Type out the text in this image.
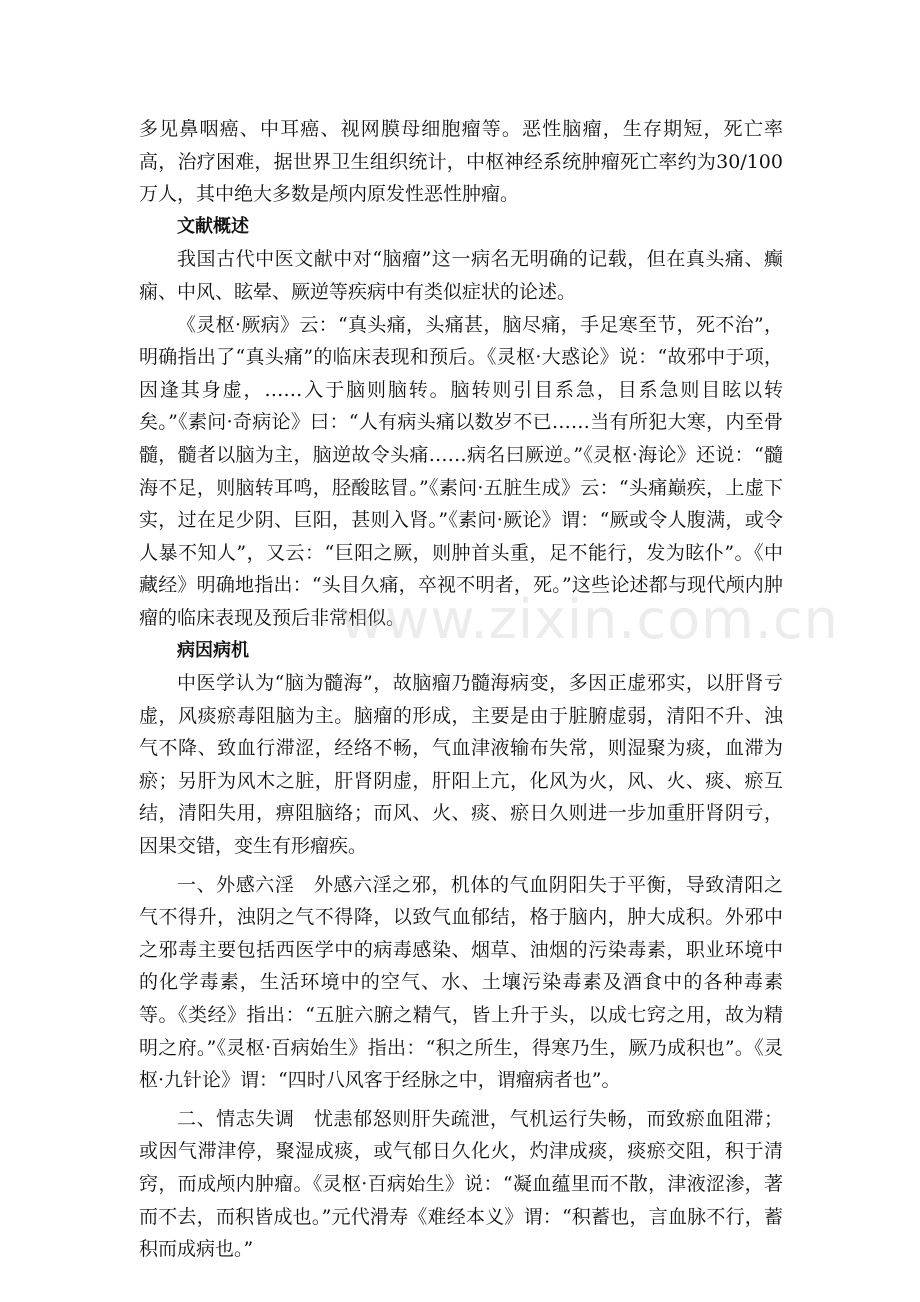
多见鼻咽癌、中耳癌、视网膜母细胞瘤等。恶性脑瘤，生存期短，死亡率高，治疗困难，据世界卫生组织统计，中枢神经系统肿瘤死亡率约为30/100万人，其中绝大多数是颅内原发性恶性肿瘤。

文献概述

我国古代中医文献中对“脑瘤”这一病名无明确的记载，但在真头痛、癫痫、中风、眩晕、厥逆等疾病中有类似症状的论述。

《灵枢·厥病》云：“真头痛，头痛甚，脑尽痛，手足寒至节，死不治”，明确指出了“真头痛”的临床表现和预后。《灵枢·大惑论》说：“故邪中于项，因逢其身虚，……入于脑则脑转。脑转则引目系急，目系急则目眩以转矣。”《素问·奇病论》曰：“人有病头痛以数岁不已……当有所犯大寒，内至骨髓，髓者以脑为主，脑逆故令头痛……病名曰厥逆。”《灵枢·海论》还说：“髓海不足，则脑转耳鸣，胫酸眩冒。”《素问·五脏生成》云：“头痛巅疾，上虚下实，过在足少阴、巨阳，甚则入肾。”《素问·厥论》谓：“厥或令人腹满，或令人暴不知人”，又云：“巨阳之厥，则肿首头重，足不能行，发为眩仆”。《中藏经》明确地指出：“头目久痛，卒视不明者，死。”这些论述都与现代颅内肿瘤的临床表现及预后非常相似。

病因病机

中医学认为“脑为髓海”，故脑瘤乃髓海病变，多因正虚邪实，以肝肾亏虚，风痰瘀毒阻脑为主。脑瘤的形成，主要是由于脏腑虚弱，清阳不升、浊气不降、致血行滞涩，经络不畅，气血津液输布失常，则湿聚为痰，血滞为瘀；另肝为风木之脏，肝肾阴虚，肝阳上亢，化风为火，风、火、痰、瘀互结，清阳失用，痹阻脑络；而风、火、痰、瘀日久则进一步加重肝肾阴亏，因果交错，变生有形瘤疾。

一、外感六淫　外感六淫之邪，机体的气血阴阳失于平衡，导致清阳之气不得升，浊阴之气不得降，以致气血郁结，格于脑内，肿大成积。外邪中之邪毒主要包括西医学中的病毒感染、烟草、油烟的污染毒素，职业环境中的化学毒素，生活环境中的空气、水、土壤污染毒素及酒食中的各种毒素等。《类经》指出：“五脏六腑之精气，皆上升于头，以成七窍之用，故为精明之府。”《灵枢·百病始生》指出：“积之所生，得寒乃生，厥乃成积也”。《灵枢·九针论》谓：“四时八风客于经脉之中，谓瘤病者也”。

二、情志失调　忧恚郁怒则肝失疏泄，气机运行失畅，而致瘀血阻滞；或因气滞津停，聚湿成痰，或气郁日久化火，灼津成痰，痰瘀交阻，积于清窍，而成颅内肿瘤。《灵枢·百病始生》说：“凝血蕴里而不散，津液涩渗，著而不去，而积皆成也。”元代滑寿《难经本义》谓：“积蓄也，言血脉不行，蓄积而成病也。”

www.zixin.com.cn
